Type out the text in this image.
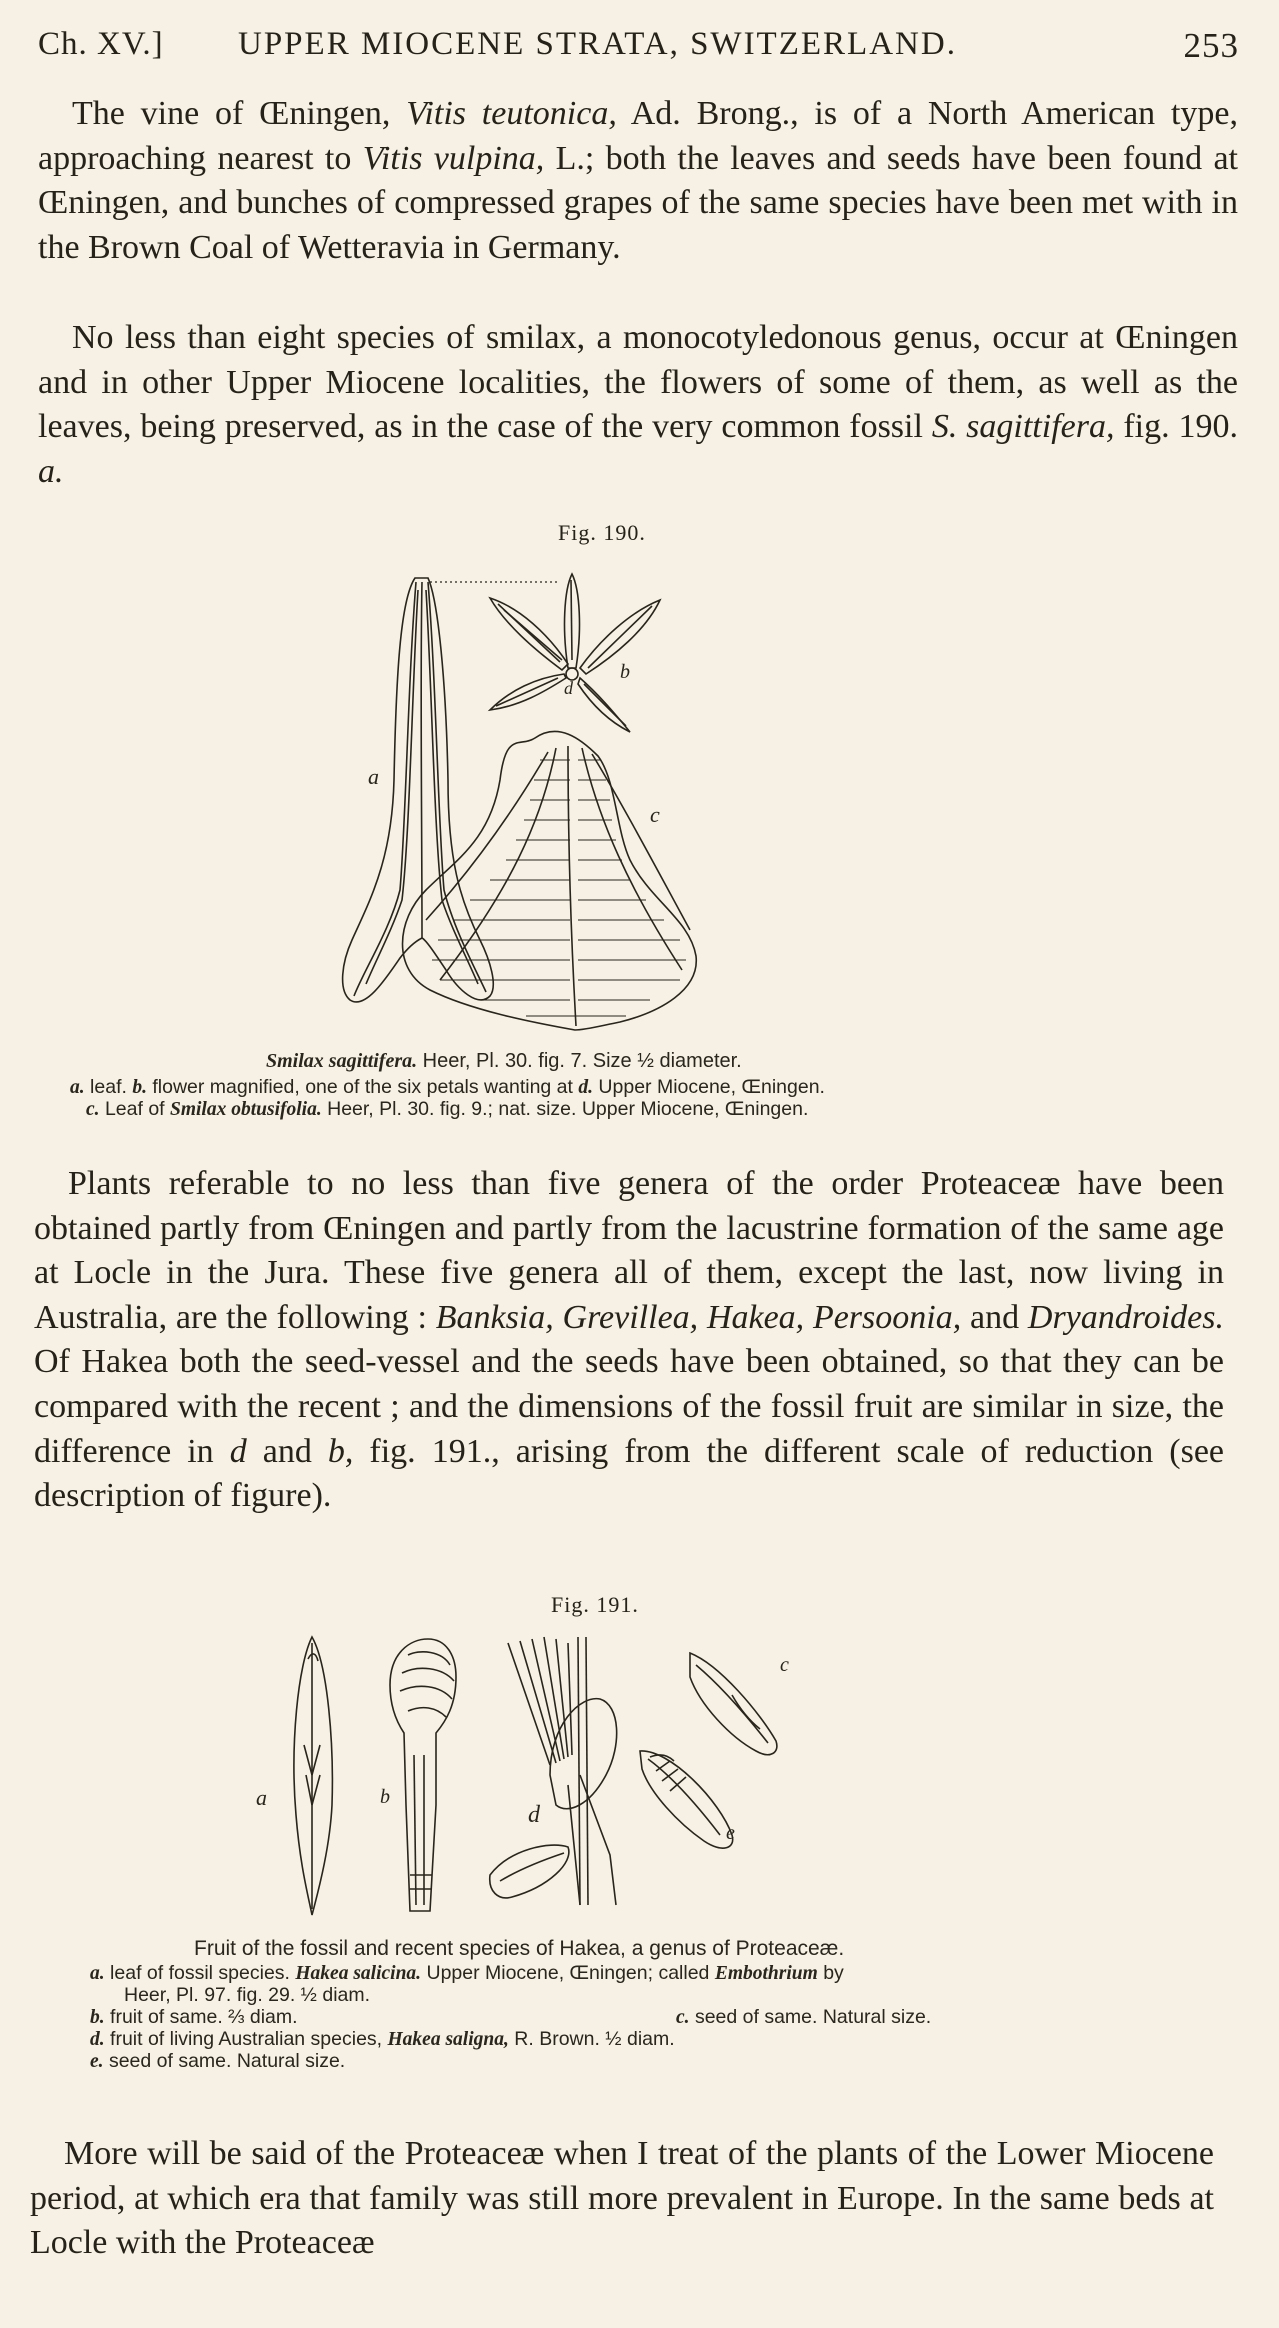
Ch. XV.] UPPER MIOCENE STRATA, SWITZERLAND.	253

The vine of Œningen, Vitis teutonica, Ad. Brong., is of a North American type, approaching nearest to Vitis vulpina, L.; both the leaves and seeds have been found at Œningen, and bunches of compressed grapes of the same species have been met with in the Brown Coal of Wetteravia in Germany.

No less than eight species of smilax, a monocotyledonous genus, occur at Œningen and in other Upper Miocene localities, the flowers of some of them, as well as the leaves, being preserved, as in the case of the very common fossil S. sagittifera, fig. 190. a.

Fig. 190.
a
b
d
c
Smilax sagittifera. Heer, Pl. 30. fig. 7. Size ½ diameter.
a. leaf. b. flower magnified, one of the six petals wanting at d. Upper Miocene, Œningen.
c. Leaf of Smilax obtusifolia. Heer, Pl. 30. fig. 9.; nat. size. Upper Miocene, Œningen.

Plants referable to no less than five genera of the order Proteaceæ have been obtained partly from Œningen and partly from the lacustrine formation of the same age at Locle in the Jura. These five genera all of them, except the last, now living in Australia, are the following : Banksia, Grevillea, Hakea, Persoonia, and Dryandroides. Of Hakea both the seed-vessel and the seeds have been obtained, so that they can be compared with the recent ; and the dimensions of the fossil fruit are similar in size, the difference in d and b, fig. 191., arising from the different scale of reduction (see description of figure).

Fig. 191.
a	b
d
c
e
Fruit of the fossil and recent species of Hakea, a genus of Proteaceæ.
a. leaf of fossil species. Hakea salicina. Upper Miocene, Œningen; called Embothrium by
Heer, Pl. 97. fig. 29. ½ diam.
b. fruit of same. ⅔ diam.	c. seed of same. Natural size.
d. fruit of living Australian species, Hakea saligna, R. Brown. ½ diam.
e. seed of same. Natural size.

More will be said of the Proteaceæ when I treat of the plants of the Lower Miocene period, at which era that family was still more prevalent in Europe. In the same beds at Locle with the Proteaceæ
